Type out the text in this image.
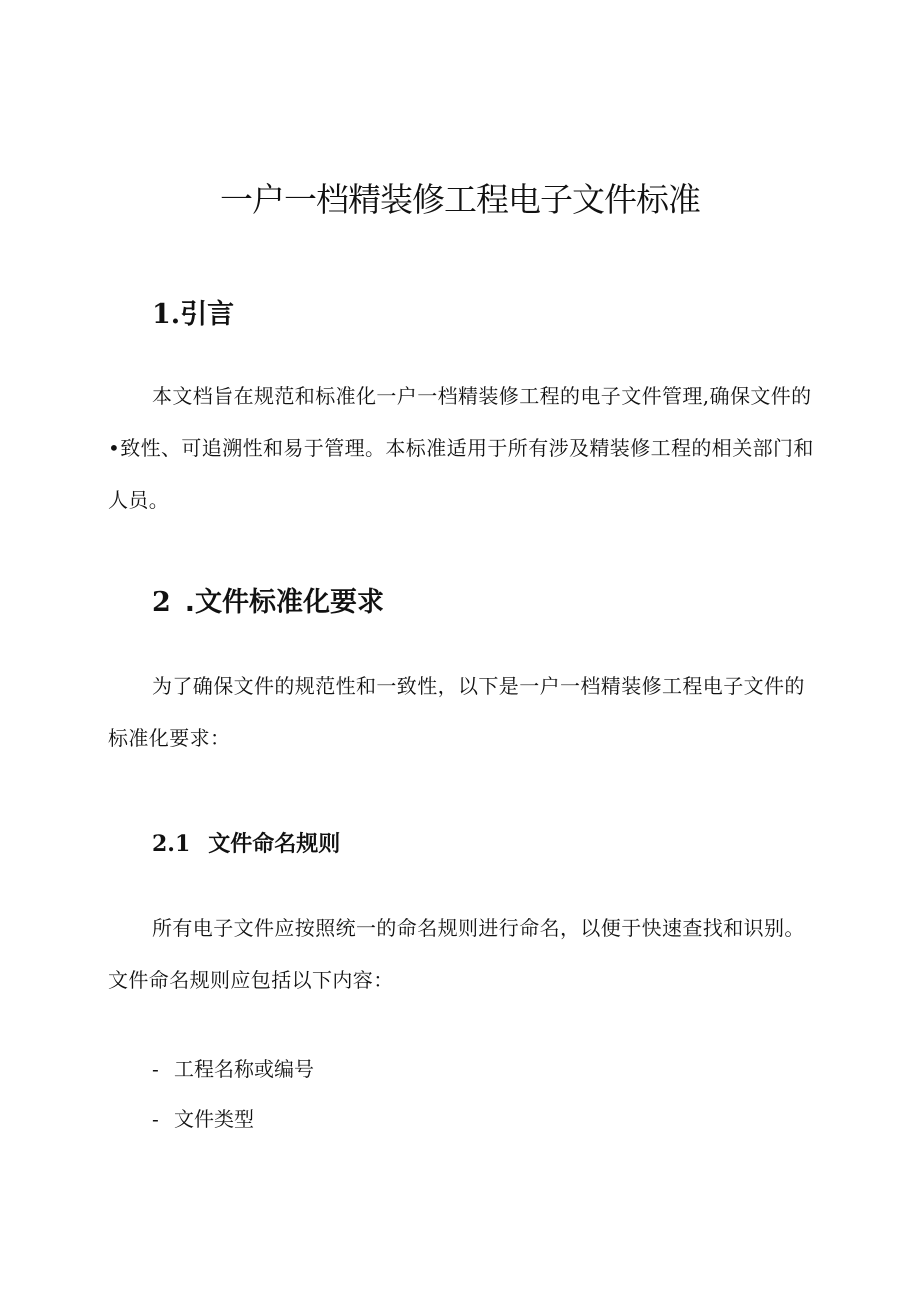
一户一档精装修工程电子文件标准
1.引言

本文档旨在规范和标准化一户一档精装修工程的电子文件管理,确保文件的•致性、可追溯性和易于管理。本标准适用于所有涉及精装修工程的相关部门和人员。

2 .文件标准化要求

为了确保文件的规范性和一致性，以下是一户一档精装修工程电子文件的标准化要求：

2.1 文件命名规则

所有电子文件应按照统一的命名规则进行命名，以便于快速查找和识别。文件命名规则应包括以下内容：

- 工程名称或编号

- 文件类型
